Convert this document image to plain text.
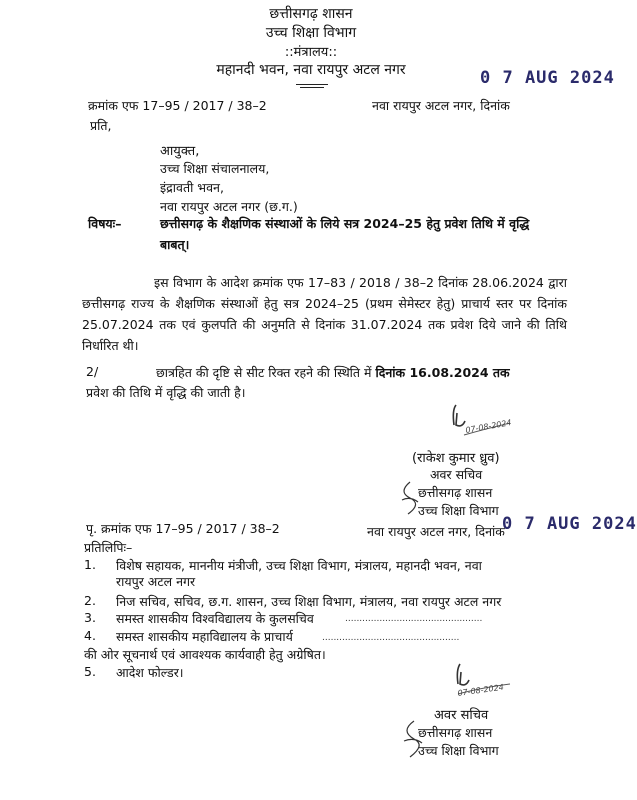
छत्तीसगढ़ शासन
उच्च शिक्षा विभाग
::मंत्रालय::
महानदी भवन, नवा रायपुर अटल नगर	0 7 AUG 2024
क्रमांक एफ 17–95 / 2017 / 38–2	नवा रायपुर अटल नगर, दिनांक
प्रति,
आयुक्त,
उच्च शिक्षा संचालनालय,
इंद्रावती भवन,
नवा रायपुर अटल नगर (छ.ग.)
विषयः–	छत्तीसगढ़ के शैक्षणिक संस्थाओं के लिये सत्र 2024–25 हेतु प्रवेश तिथि में वृद्धि
बाबत्।
इस विभाग के आदेश क्रमांक एफ 17–83 / 2018 / 38–2 दिनांक 28.06.2024 द्वारा छत्तीसगढ़ राज्य के शैक्षणिक संस्थाओं हेतु सत्र 2024–25 (प्रथम सेमेस्टर हेतु) प्राचार्य स्तर पर दिनांक 25.07.2024 तक एवं कुलपति की अनुमति से दिनांक 31.07.2024 तक प्रवेश दिये जाने की तिथि निर्धारित थी।
2/	छात्रहित की दृष्टि से सीट रिक्त रहने की स्थिति में दिनांक 16.08.2024 तक
प्रवेश की तिथि में वृद्धि की जाती है।
07-08-2024
(राकेश कुमार ध्रुव)
अवर सचिव
छत्तीसगढ़ शासन
उच्च शिक्षा विभाग
0 7 AUG 2024
पृ. क्रमांक एफ 17–95 / 2017 / 38–2	नवा रायपुर अटल नगर, दिनांक
प्रतिलिपिः–
1. विशेष सहायक, माननीय मंत्रीजी, उच्च शिक्षा विभाग, मंत्रालय, महानदी भवन, नवा
रायपुर अटल नगर
2. निज सचिव, सचिव, छ.ग. शासन, उच्च शिक्षा विभाग, मंत्रालय, नवा रायपुर अटल नगर
3. समस्त शासकीय विश्वविद्यालय के कुलसचिव	................................................
4. समस्त शासकीय महाविद्यालय के प्राचार्य	................................................
की ओर सूचनार्थ एवं आवश्यक कार्यवाही हेतु अग्रेषित।
5. आदेश फोल्डर।
07-08-2024
अवर सचिव
छत्तीसगढ़ शासन
उच्च शिक्षा विभाग
